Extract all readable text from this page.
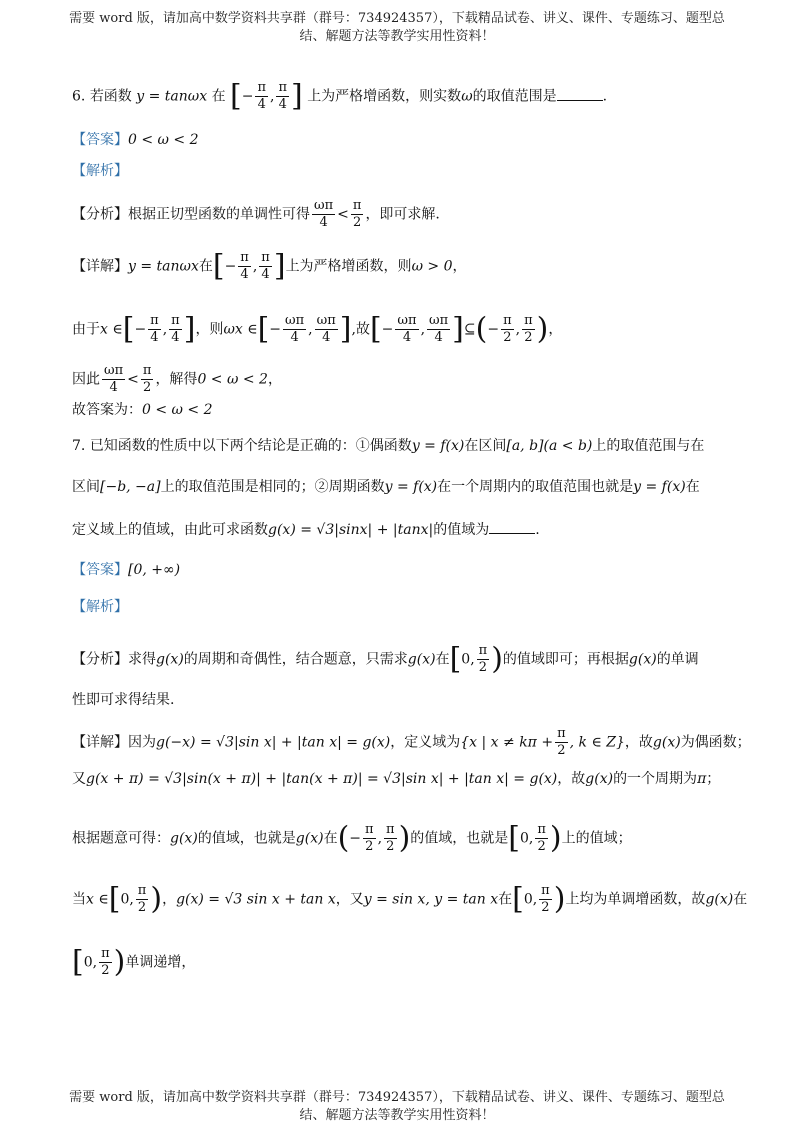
需要 word 版，请加高中数学资料共享群（群号：734924357），下载精品试卷、讲义、课件、专题练习、题型总
结、解题方法等教学实用性资料！
6. 若函数 y = tanωx 在 [− $\frac{\pi}{4}$ , $\frac{\pi}{4}$ ] 上为严格增函数，则实数ω的取值范围是	.
【答案】0 < ω < 2
【解析】
【分析】根据正切型函数的单调性可得 $\frac{\omega\pi}{4} < \frac{\pi}{2}$ ，即可求解.
【详解】y = tanωx在[− $\frac{\pi}{4}$ , $\frac{\pi}{4}$ ]上为严格增函数，则ω > 0，
由于x ∈[− $\frac{\pi}{4}$ , $\frac{\pi}{4}$ ]，则ωx ∈[− $\frac{\omega\pi}{4}$ , $\frac{\omega\pi}{4}$ ],故[− $\frac{\omega\pi}{4}$ , $\frac{\omega\pi}{4}$ ]⊆(− $\frac{\pi}{2}$ , $\frac{\pi}{2}$ )，
因此 $\frac{\omega\pi}{4} < \frac{\pi}{2}$ ，解得0 < ω < 2，
故答案为：0 < ω < 2
7. 已知函数的性质中以下两个结论是正确的：①偶函数y = f(x)在区间[a, b](a < b)上的取值范围与在
区间[−b, −a]上的取值范围是相同的；②周期函数y = f(x)在一个周期内的取值范围也就是y = f(x)在
定义域上的值域，由此可求函数g(x) = √3|sinx| + |tanx|的值域为	.
【答案】[0, +∞)
【解析】
【分析】求得g(x)的周期和奇偶性，结合题意，只需求g(x)在[0, $\frac{\pi}{2}$ )的值域即可；再根据g(x)的单调
性即可求得结果.
【详解】因为g(−x) = √3|sin x| + |tan x| = g(x)，定义域为{x | $x \ne k\pi + \frac{\pi}{2}$ , k ∈ Z}，故g(x)为偶函数；
又g(x + π) = √3|sin(x + π)| + |tan(x + π)| = √3|sin x| + |tan x| = g(x)，故g(x)的一个周期为π；
根据题意可得：g(x)的值域，也就是g(x)在(− $\frac{\pi}{2}$ , $\frac{\pi}{2}$ )的值域，也就是[0, $\frac{\pi}{2}$ )上的值域；
当x ∈[0, $\frac{\pi}{2}$ )，g(x) = √3 sin x + tan x，又y = sin x, y = tan x在[0, $\frac{\pi}{2}$ )上均为单调增函数，故g(x)在
[0, $\frac{\pi}{2}$ )单调递增，
需要 word 版，请加高中数学资料共享群（群号：734924357），下载精品试卷、讲义、课件、专题练习、题型总
结、解题方法等教学实用性资料！
